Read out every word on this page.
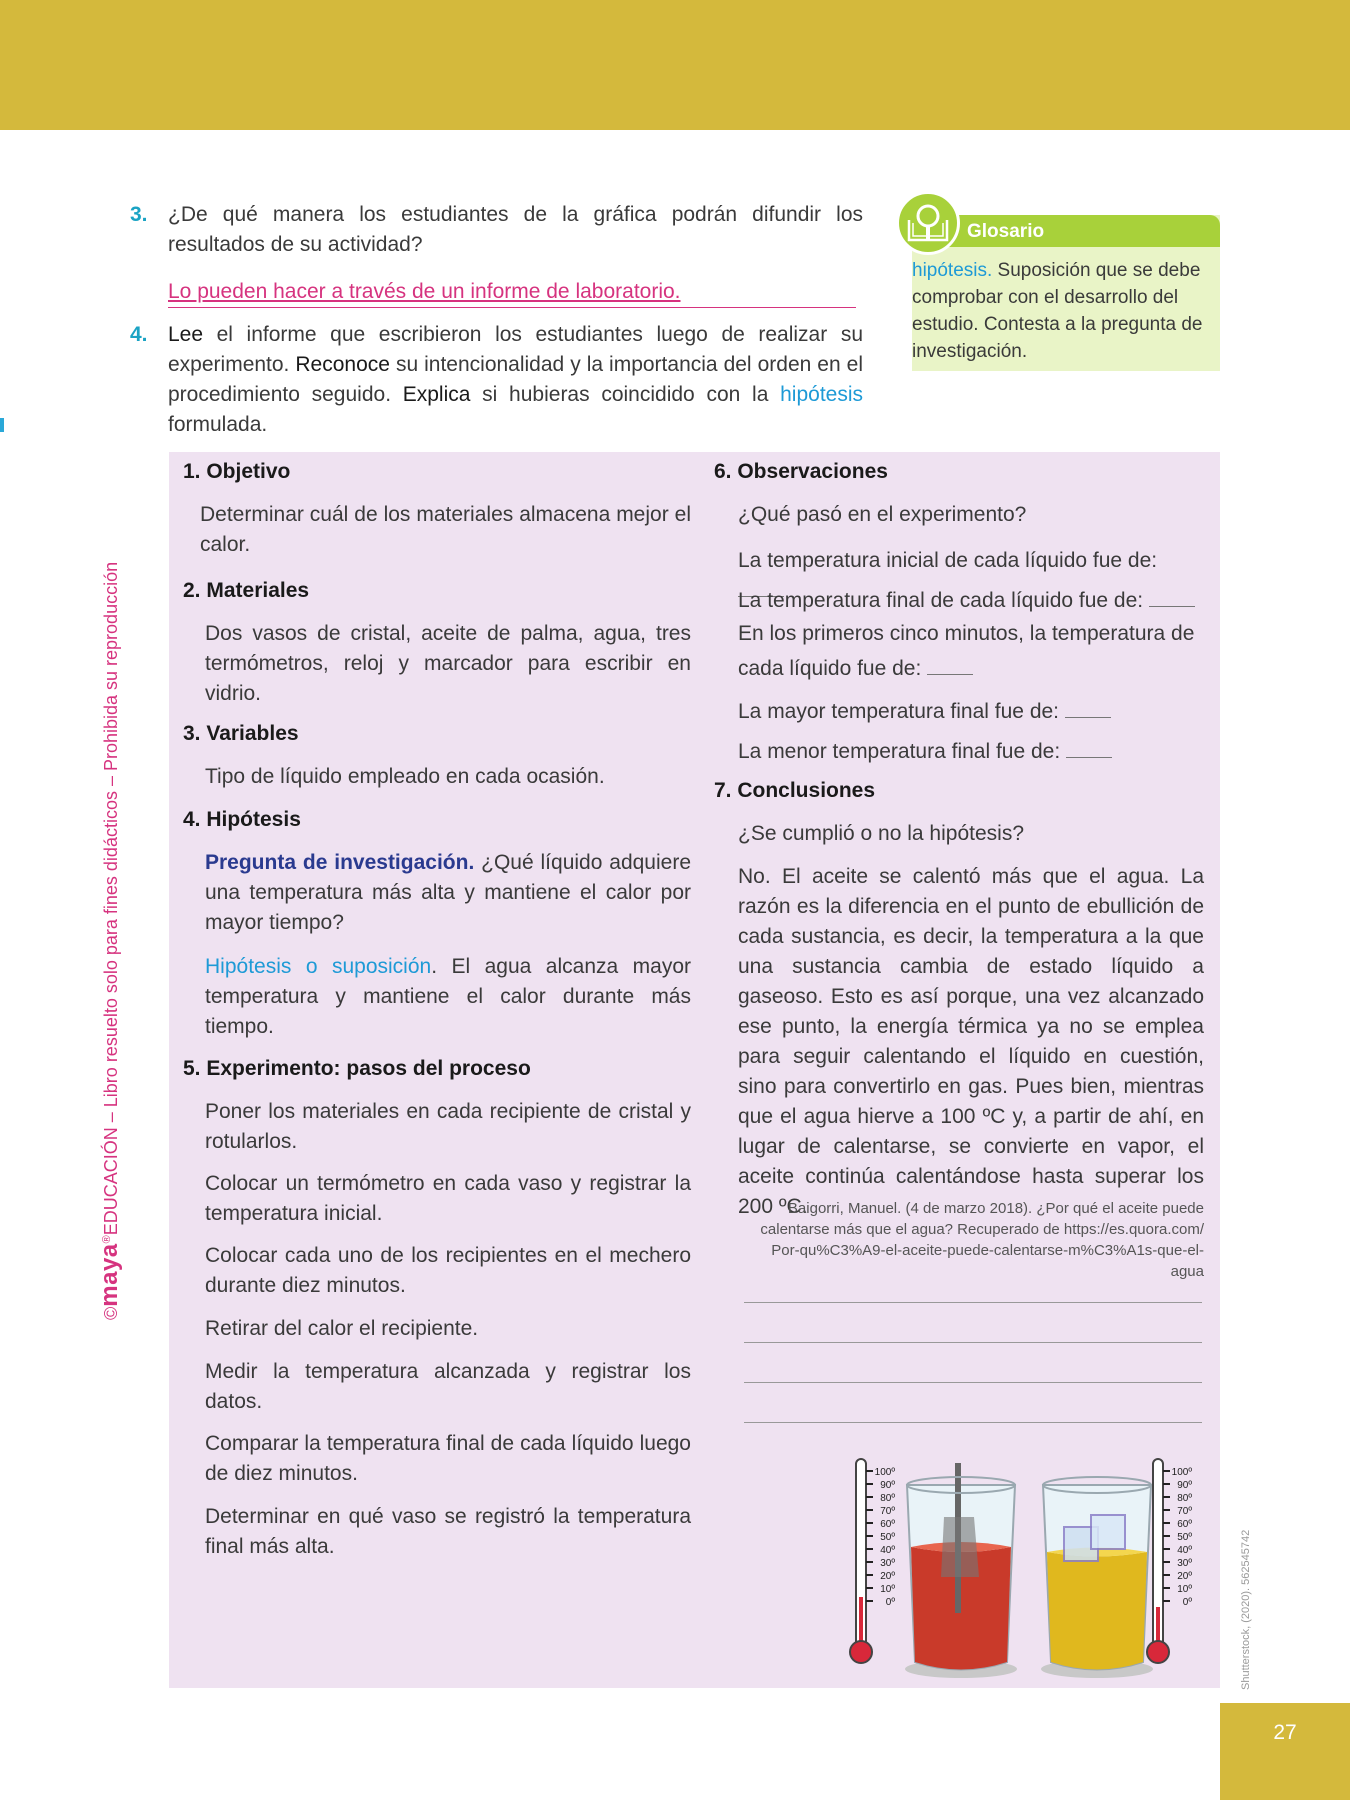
©maya®EDUCACIÓN – Libro resuelto solo para fines didácticos – Prohibida su reproducción
3. ¿De qué manera los estudiantes de la gráfica podrán difundir los resultados de su actividad?
Lo pueden hacer a través de un informe de laboratorio.
4. Lee el informe que escribieron los estudiantes luego de realizar su experimento. Reconoce su intencionalidad y la importancia del orden en el procedimiento seguido. Explica si hubieras coincidido con la hipótesis formulada.
Glosario
hipótesis. Suposición que se debe comprobar con el desarrollo del estudio. Contesta a la pregunta de investigación.
1. Objetivo
Determinar cuál de los materiales almacena mejor el calor.
2. Materiales
Dos vasos de cristal, aceite de palma, agua, tres termómetros, reloj y marcador para escribir en vidrio.
3. Variables
Tipo de líquido empleado en cada ocasión.
4. Hipótesis
Pregunta de investigación. ¿Qué líquido adquiere una temperatura más alta y mantiene el calor por mayor tiempo?
Hipótesis o suposición. El agua alcanza mayor temperatura y mantiene el calor durante más tiempo.
5. Experimento: pasos del proceso
Poner los materiales en cada recipiente de cristal y rotularlos.
Colocar un termómetro en cada vaso y registrar la temperatura inicial.
Colocar cada uno de los recipientes en el mechero durante diez minutos.
Retirar del calor el recipiente.
Medir la temperatura alcanzada y registrar los datos.
Comparar la temperatura final de cada líquido luego de diez minutos.
Determinar en qué vaso se registró la temperatura final más alta.
6. Observaciones
¿Qué pasó en el experimento?
La temperatura inicial de cada líquido fue de:
La temperatura final de cada líquido fue de:
En los primeros cinco minutos, la temperatura de cada líquido fue de:
La mayor temperatura final fue de:
La menor temperatura final fue de:
7. Conclusiones
¿Se cumplió o no la hipótesis?
No. El aceite se calentó más que el agua. La razón es la diferencia en el punto de ebullición de cada sustancia, es decir, la temperatura a la que una sustancia cambia de estado líquido a gaseoso. Esto es así porque, una vez alcanzado ese punto, la energía térmica ya no se emplea para seguir calentando el líquido en cuestión, sino para convertirlo en gas. Pues bien, mientras que el agua hierve a 100 ºC y, a partir de ahí, en lugar de calentarse, se convierte en vapor, el aceite continúa calentándose hasta superar los 200 ºC.
Baigorri, Manuel. (4 de marzo 2018). ¿Por qué el aceite puede calentarse más que el agua? Recuperado de https://es.quora.com/ Por-qu%C3%A9-el-aceite-puede-calentarse-m%C3%A1s-que-el-agua
100º
90º
80º
70º
60º
50º
40º
30º
20º
10º
0º
100º
90º
80º
70º
60º
50º
40º
30º
20º
10º
0º	Shutterstock, (2020). 562545742
27
